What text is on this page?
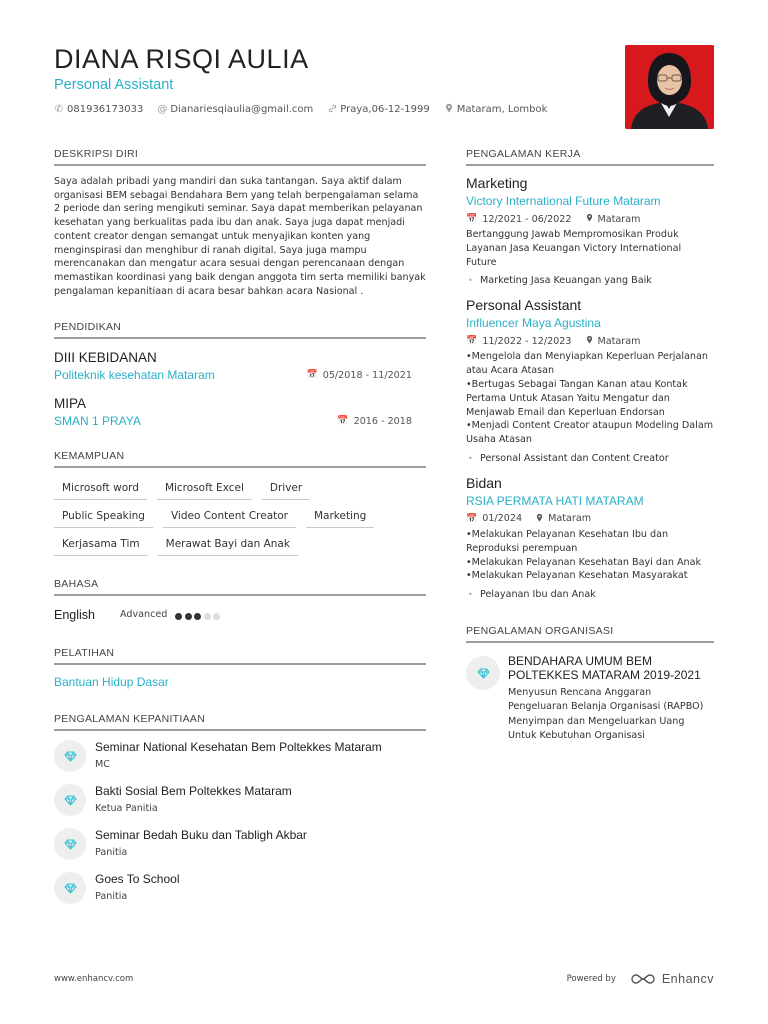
DIANA RISQI AULIA
Personal Assistant
✆ 081936173033 @ Dianariesqiaulia@gmail.com	Praya,06-12-1999	Mataram, Lombok
DESKRIPSI DIRI
Saya adalah pribadi yang mandiri dan suka tantangan. Saya aktif dalam organisasi BEM sebagai Bendahara Bem yang telah berpengalaman selama 2 periode dan sering mengikuti seminar. Saya dapat memberikan pelayanan kesehatan yang berkualitas pada ibu dan anak. Saya juga dapat menjadi content creator dengan semangat untuk menyajikan konten yang menginspirasi dan menghibur di ranah digital. Saya juga mampu merencanakan dan mengatur acara sesuai dengan perencanaan dengan memastikan koordinasi yang baik dengan anggota tim serta memiliki banyak pengalaman kepanitiaan di acara besar bahkan acara Nasional .
PENDIDIKAN
DIII KEBIDANAN
Politeknik kesehatan Mataram	📅 05/2018 - 11/2021
MIPA
SMAN 1 PRAYA	📅 2016 - 2018
KEMAMPUAN
Microsoft word	Microsoft Excel	Driver
Public Speaking	Video Content Creator	Marketing
Kerjasama Tim	Merawat Bayi dan Anak
BAHASA
English	Advanced
PELATIHAN
Bantuan Hidup Dasar
PENGALAMAN KEPANITIAAN
Seminar National Kesehatan Bem Poltekkes Mataram
MC
Bakti Sosial Bem Poltekkes Mataram
Ketua Panitia
Seminar Bedah Buku dan Tabligh Akbar
Panitia
Goes To School
Panitia
PENGALAMAN KERJA
Marketing
Victory International Future Mataram
📅 12/2021 - 06/2022	Mataram
Bertanggung Jawab Mempromosikan Produk Layanan Jasa Keuangan Victory International Future
• Marketing Jasa Keuangan yang Baik
Personal Assistant
Influencer Maya Agustina
📅 11/2022 - 12/2023	Mataram
•Mengelola dan Menyiapkan Keperluan Perjalanan atau Acara Atasan
•Bertugas Sebagai Tangan Kanan atau Kontak Pertama Untuk Atasan Yaitu Mengatur dan Menjawab Email dan Keperluan Endorsan
•Menjadi Content Creator ataupun Modeling Dalam Usaha Atasan
• Personal Assistant dan Content Creator
Bidan
RSIA PERMATA HATI MATARAM
📅 01/2024	Mataram
•Melakukan Pelayanan Kesehatan Ibu dan Reproduksi perempuan
•Melakukan Pelayanan Kesehatan Bayi dan Anak
•Melakukan Pelayanan Kesehatan Masyarakat
• Pelayanan Ibu dan Anak
PENGALAMAN ORGANISASI
BENDAHARA UMUM BEM POLTEKKES MATARAM 2019-2021
Menyusun Rencana Anggaran Pengeluaran Belanja Organisasi (RAPBO) Menyimpan dan Mengeluarkan Uang Untuk Kebutuhan Organisasi
www.enhancv.com	Powered by	Enhancv
